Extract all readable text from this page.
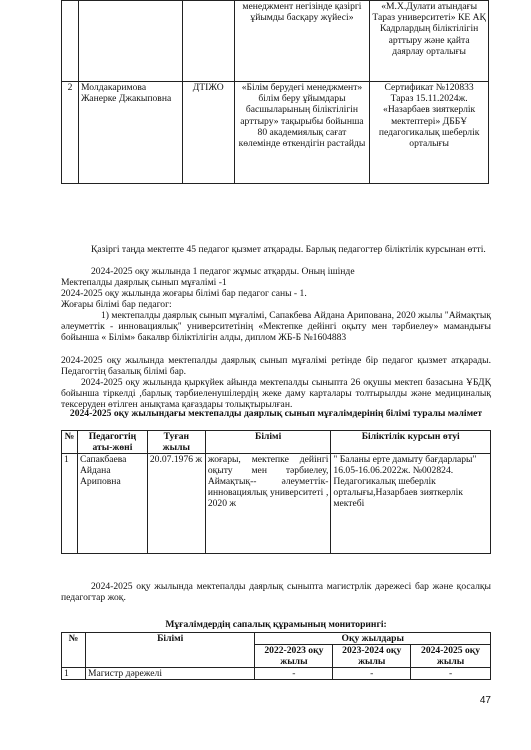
			менеджмент негізінде қазіргі ұйымды басқару жүйесі»	«М.Х.Дулати атындағы Тараз университеті» КЕ АҚ Кадрлардың біліктілігін арттыру және қайта даярлау орталығы
2	Молдакаримова Жанерке Джакыповна	ДТІЖО	«Білім берудегі менеджмент» білім беру ұйымдары басшыларының біліктілігін арттыру» тақырыбы бойынша 80 академиялық сағат көлемінде өткендігін растайды	Сертификат №120833 Тараз 15.11.2024ж. «Назарбаев зияткерлік мектептері» ДББҰ педагогикалық шеберлік орталығы

Қазіргі таңда мектепте 45 педагог қызмет атқарады. Барлық педагогтер біліктілік курсынан өтті.

2024-2025 оқу жылында 1 педагог жұмыс атқарды. Оның ішінде

Мектепалды даярлық сынып мұғалімі -1

2024-2025 оқу жылында жоғары білімі бар педагог саны - 1.

Жоғары білімі бар педагог:

1) мектепалды даярлық сынып мұғалімі, Сапакбева Айдана Арипованa, 2020 жылы "Аймақтық әлеуметтік - инновациялық" университетінің «Мектепке дейінгі оқыту мен тәрбиелеу» мамандығы бойынша « Білім» бакалвр біліктілігін алды, диплом ЖБ-Б №1604883

2024-2025 оқу жылында мектепалды даярлық сынып мұғалімі ретінде бір педагог қызмет атқарады. Педагогтің базалық білімі бар.

2024-2025 оқу жылында қыркүйек айында мектепалды сыныпта 26 оқушы мектеп базасына ҰБДҚ бойынша тіркелді ,барлық тәрбиеленушілердің жеке даму карталары толтырылды және медициналық тексеруден өтілген анықтама қағаздары толықтырылған.

2024-2025 оқу жылындағы мектепалды даярлық сынып мұғалімдерінің білімі туралы мәлімет

№	Педагогтің аты-жөні	Туған жылы	Білімі	Біліктілік курсын өтуі
1	Сапакбаева Айдана Ариповна	20.07.1976 ж	жоғары, мектепке дейінгі оқыту мен тәрбиелеу, Аймақтық-- әлеуметтік-инновациялық университеті , 2020 ж	" Баланы ерте дамыту бағдарлары" 16.05-16.06.2022ж. №002824. Педагогикалық шеберлік орталығы,Назарбаев зияткерлік мектебі

2024-2025 оқу жылында мектепалды даярлық сыныпта магистрлік дәрежесі бар және қосалқы педагогтар жоқ.

Мұғалімдердің сапалық құрамының мониторингі:

№	Білімі	Оқу жылдары		
		2022-2023 оқу жылы	2023-2024 оқу жылы	2024-2025 оқу жылы
1	Магистр дәрежелі	-	-	-
47
